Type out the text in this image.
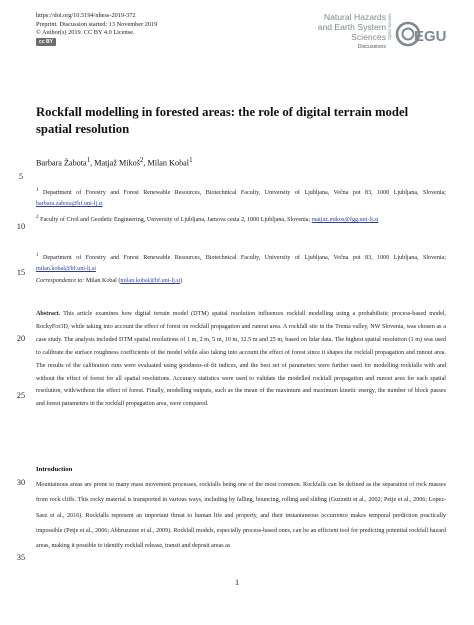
https://doi.org/10.5194/nhess-2019-372
Preprint. Discussion started: 13 November 2019
© Author(s) 2019. CC BY 4.0 License.
cc BY
Natural Hazards
and Earth System
Sciences
Discussions
Open Access EGU
Rockfall modelling in forested areas: the role of digital terrain model spatial resolution
Barbara Žabota$^1$, Matjaž Mikoš$^2$, Milan Kobal$^1$
$^1$ Department of Forestry and Forest Renewable Resources, Biotechnical Faculty, University of Ljubljana, Večna pot 83, 1000 Ljubljana, Slovenia; barbara.zabota@bf.uni-lj.si
$^2$ Faculty of Civil and Geodetic Engineering, University of Ljubljana, Jamova cesta 2, 1000 Ljubljana, Slovenia; matjaz.mikos@fgg.uni-lj.si
$^1$ Department of Forestry and Forest Renewable Resources, Biotechnical Faculty, University of Ljubljana, Večna pot 83, 1000 Ljubljana, Slovenia; milan.kobal@bf.uni-lj.si
Correspondence to: Milan Kobal (milan.kobal@bf.uni-lj.si)
Abstract. This article examines how digital terrain model (DTM) spatial resolution influences rockfall modelling using a probabilistic process-based model, RockyFor3D, while taking into account the effect of forest on rockfall propagation and runout area. A rockfall site in the Trenta valley, NW Slovenia, was chosen as a case study. The analysis included DTM spatial resolutions of 1 m, 2 m, 5 m, 10 m, 12.5 m and 25 m, based on lidar data. The highest spatial resolution (1 m) was used to calibrate the surface roughness coefficients of the model while also taking into account the effect of forest since it shapes the rockfall propagation and runout area. The results of the calibration runs were evaluated using goodness-of-fit indices, and the best set of parameters were further used for modelling rockfalls with and without the effect of forest for all spatial resolutions. Accuracy statistics were used to validate the modelled rockfall propagation and runout area for each spatial resolution, with/without the effect of forest. Finally, modelling outputs, such as the mean of the maximum and maximum kinetic energy, the number of block passes and forest parameters in the rockfall propagation area, were compared.
Introduction
Mountainous areas are prone to many mass movement processes, rockfalls being one of the most common. Rockfalls can be defined as the separation of rock masses from rock cliffs. This rocky material is transported in various ways, including by falling, bouncing, rolling and sliding (Guzzetti et al., 2002; Petje et al., 2006; Lopez-Saez et al., 2016). Rockfalls represent an important threat to human life and property, and their instantaneous occurrence makes temporal prediction practically impossible (Petje et al., 2006; Abbruzzese et al., 2009). Rockfall models, especially process-based ones, can be an efficient tool for predicting potential rockfall hazard areas, making it possible to identify rockfall release, transit and deposit areas as
5
10
15
20
25
30
35
1
